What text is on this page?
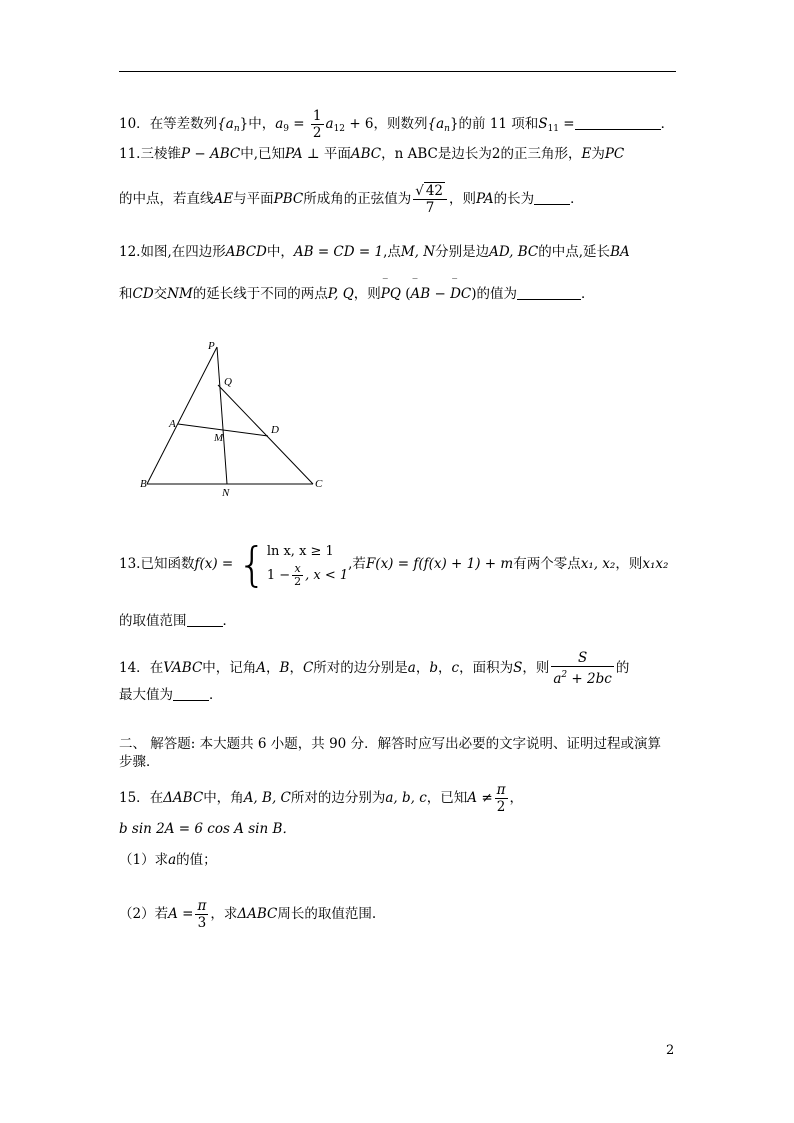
10．在等差数列$\{a_n\}$中，$a_9 = \frac{1}{2} a_{12} + 6$，则数列$\{a_n\}$的前 11 项和$S_{11}$ =	．
11.三棱锥P − ABC中,已知PA ⊥ 平面ABC，n ABC是边长为2的正三角形，E为PC
的中点，若直线AE与平面PBC所成角的正弦值为 $\frac{√ 42}{7}$ ，则PA的长为	．
12.如图,在四边形ABCD中，AB = CD = 1,点M, N分别是边AD, BC的中点,延长BA
和CD交NM的延长线于不同的两点P, Q，则‾ PQ (‾ AB − ‾ DC)的值为	．
P
Q
A
M
D
B
N
C
13.已知函数f(x) = { ln x, x ≥ 1
$1 - \frac{x}{2}$ , x < 1
,若F(x) = f(f(x) + 1) + m有两个零点x₁, x₂，则x₁x₂
的取值范围	．
14．在VABC中，记角A，B，C所对的边分别是a，b，c，面积为S，则 $\frac{S}{a^2 + 2bc}$ 的
最大值为	．
二、 解答题: 本大题共 6 小题，共 90 分．解答时应写出必要的文字说明、证明过程或演算
步骤．
15．在ΔABC中，角A, B, C所对的边分别为a, b, c，已知$A \ne \frac{\pi}{2}$ ，
b sin 2A = 6 cos A sin B．
（1）求a的值；
（2）若$A = \frac{\pi}{3}$ ，求ΔABC周长的取值范围.
2
